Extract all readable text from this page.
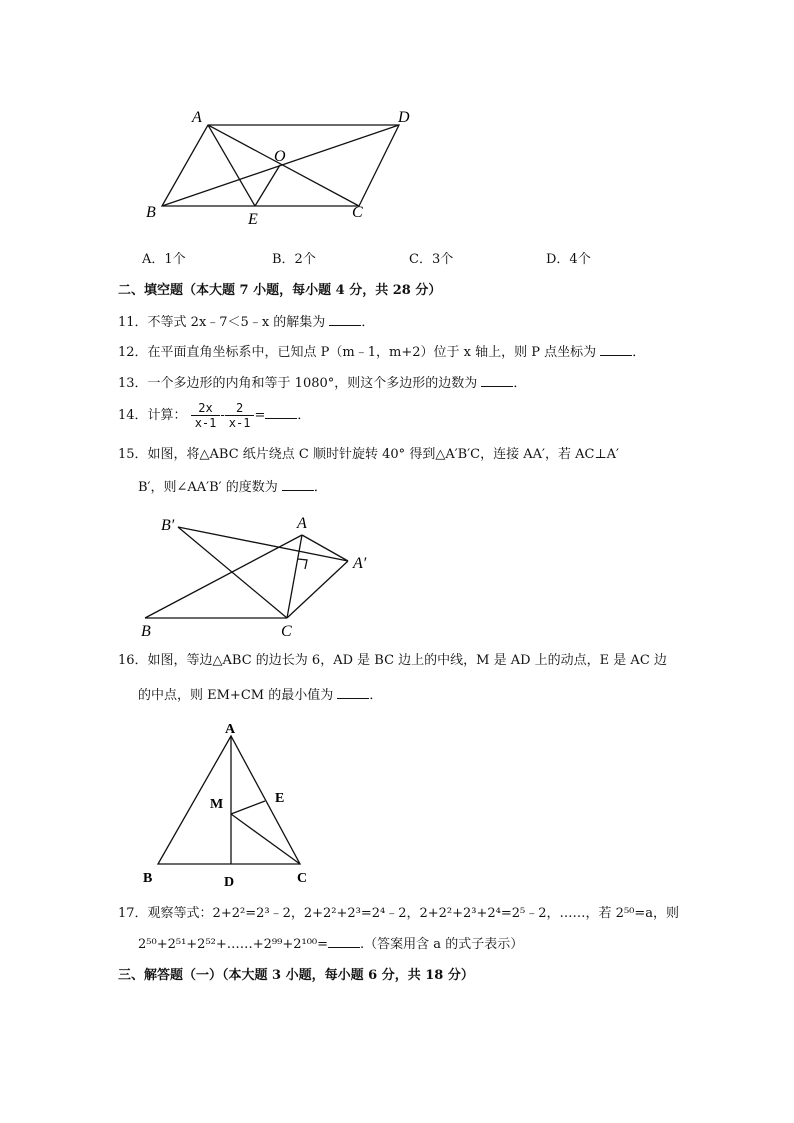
A	D
O
B	E	C
A．1个	B．2个	C．3个	D．4个
二、填空题（本大题 7 小题，每小题 4 分，共 28 分）
11．不等式 2x﹣7＜5﹣x 的解集为 ．
12．在平面直角坐标系中，已知点 P（m﹣1，m+2）位于 x 轴上，则 P 点坐标为 ．
13．一个多边形的内角和等于 1080°，则这个多边形的边数为 ．
14．计算： $\frac{2x}{x-1} - \frac{2}{x-1}$ = ．
15．如图，将△ABC 纸片绕点 C 顺时针旋转 40° 得到△A′B′C，连接 AA′，若 AC⊥A′
B′，则∠AA′B′ 的度数为 ．
B′	A
A′
B	C
16．如图，等边△ABC 的边长为 6，AD 是 BC 边上的中线，M 是 AD 上的动点，E 是 AC 边
的中点，则 EM+CM 的最小值为 ．
A
M	E
B	D	C
17．观察等式：2+2²=2³﹣2，2+2²+2³=2⁴﹣2，2+2²+2³+2⁴=2⁵﹣2，……，若 2⁵⁰=a，则
2⁵⁰+2⁵¹+2⁵²+……+2⁹⁹+2¹⁰⁰= .（答案用含 a 的式子表示）
三、解答题（一）（本大题 3 小题，每小题 6 分，共 18 分）
